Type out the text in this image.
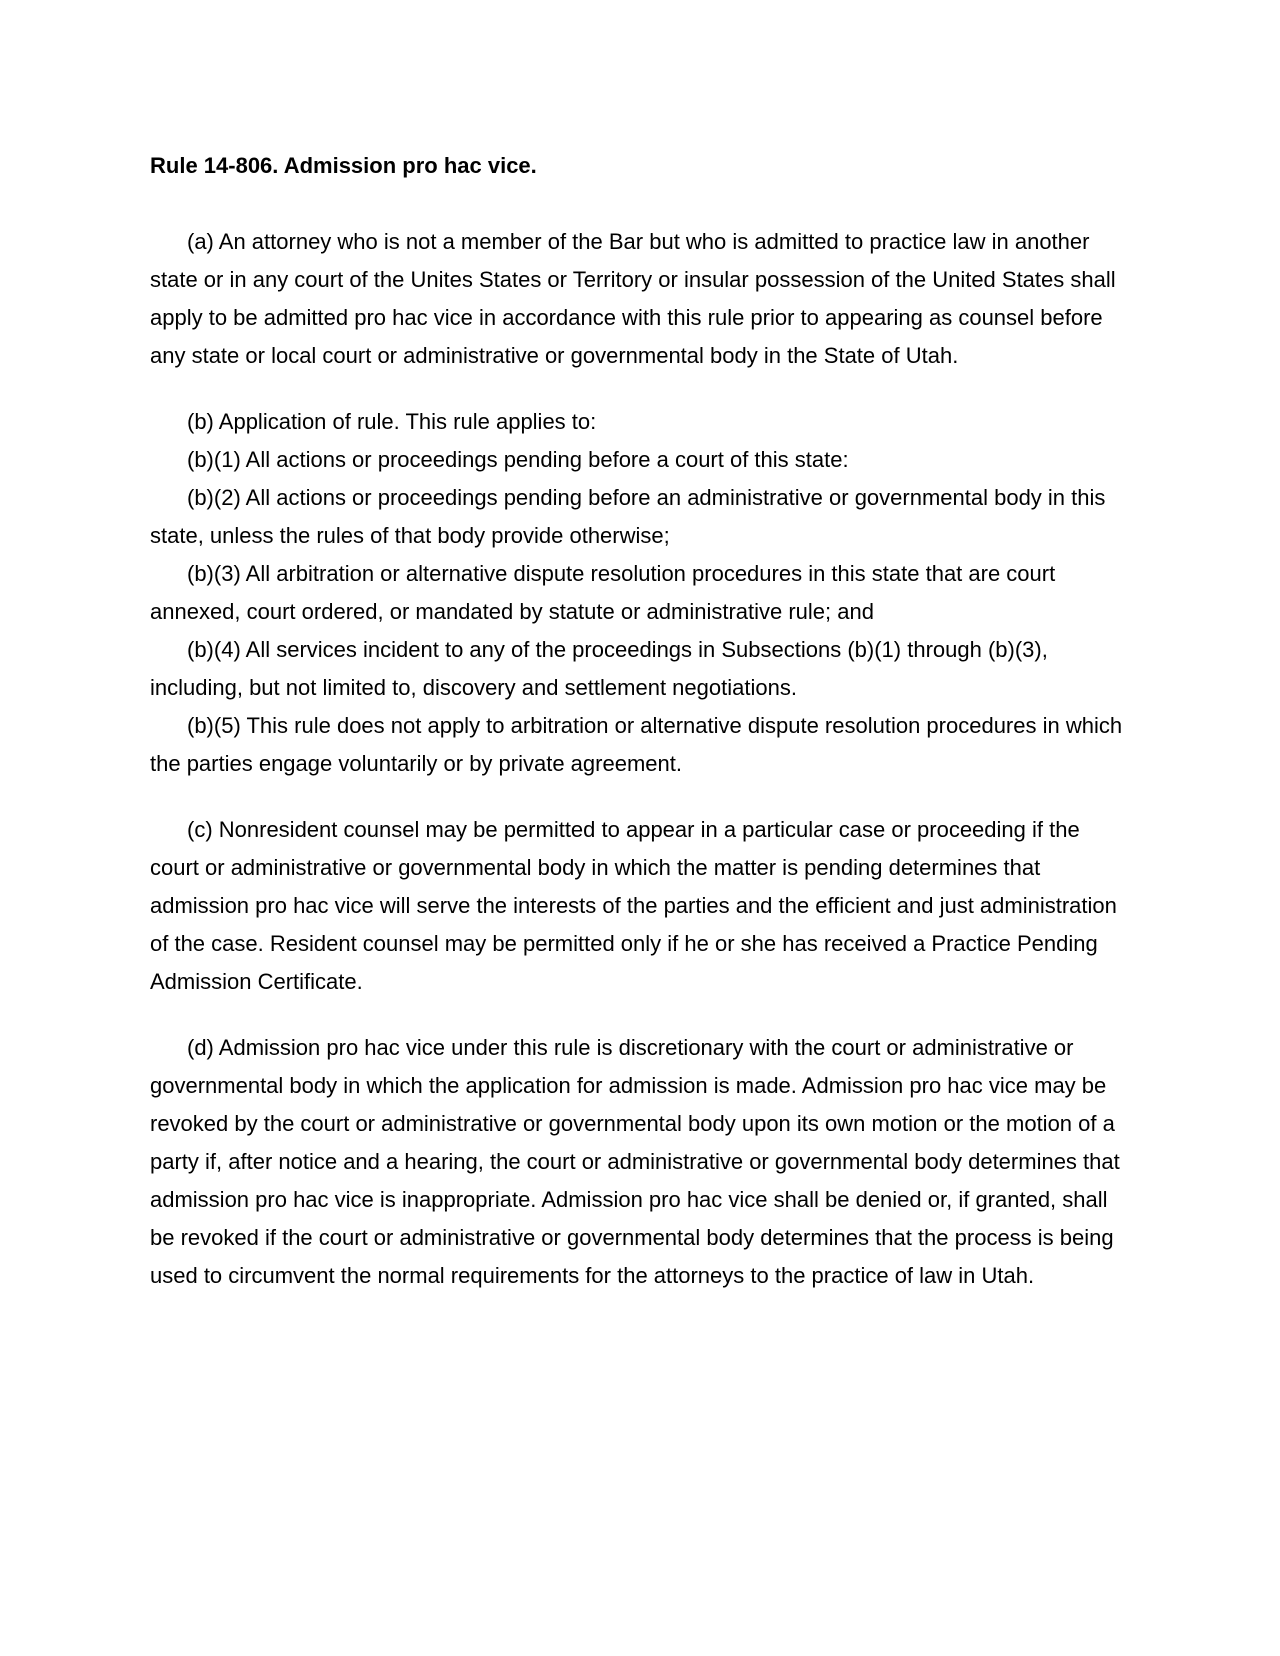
Rule 14-806. Admission pro hac vice.

(a) An attorney who is not a member of the Bar but who is admitted to practice law in another state or in any court of the Unites States or Territory or insular possession of the United States shall apply to be admitted pro hac vice in accordance with this rule prior to appearing as counsel before any state or local court or administrative or governmental body in the State of Utah.

(b) Application of rule. This rule applies to:

(b)(1) All actions or proceedings pending before a court of this state:

(b)(2) All actions or proceedings pending before an administrative or governmental body in this state, unless the rules of that body provide otherwise;

(b)(3) All arbitration or alternative dispute resolution procedures in this state that are court annexed, court ordered, or mandated by statute or administrative rule; and

(b)(4) All services incident to any of the proceedings in Subsections (b)(1) through (b)(3), including, but not limited to, discovery and settlement negotiations.

(b)(5) This rule does not apply to arbitration or alternative dispute resolution procedures in which the parties engage voluntarily or by private agreement.

(c) Nonresident counsel may be permitted to appear in a particular case or proceeding if the court or administrative or governmental body in which the matter is pending determines that admission pro hac vice will serve the interests of the parties and the efficient and just administration of the case. Resident counsel may be permitted only if he or she has received a Practice Pending Admission Certificate.

(d) Admission pro hac vice under this rule is discretionary with the court or administrative or governmental body in which the application for admission is made. Admission pro hac vice may be revoked by the court or administrative or governmental body upon its own motion or the motion of a party if, after notice and a hearing, the court or administrative or governmental body determines that admission pro hac vice is inappropriate. Admission pro hac vice shall be denied or, if granted, shall be revoked if the court or administrative or governmental body determines that the process is being used to circumvent the normal requirements for the attorneys to the practice of law in Utah.
